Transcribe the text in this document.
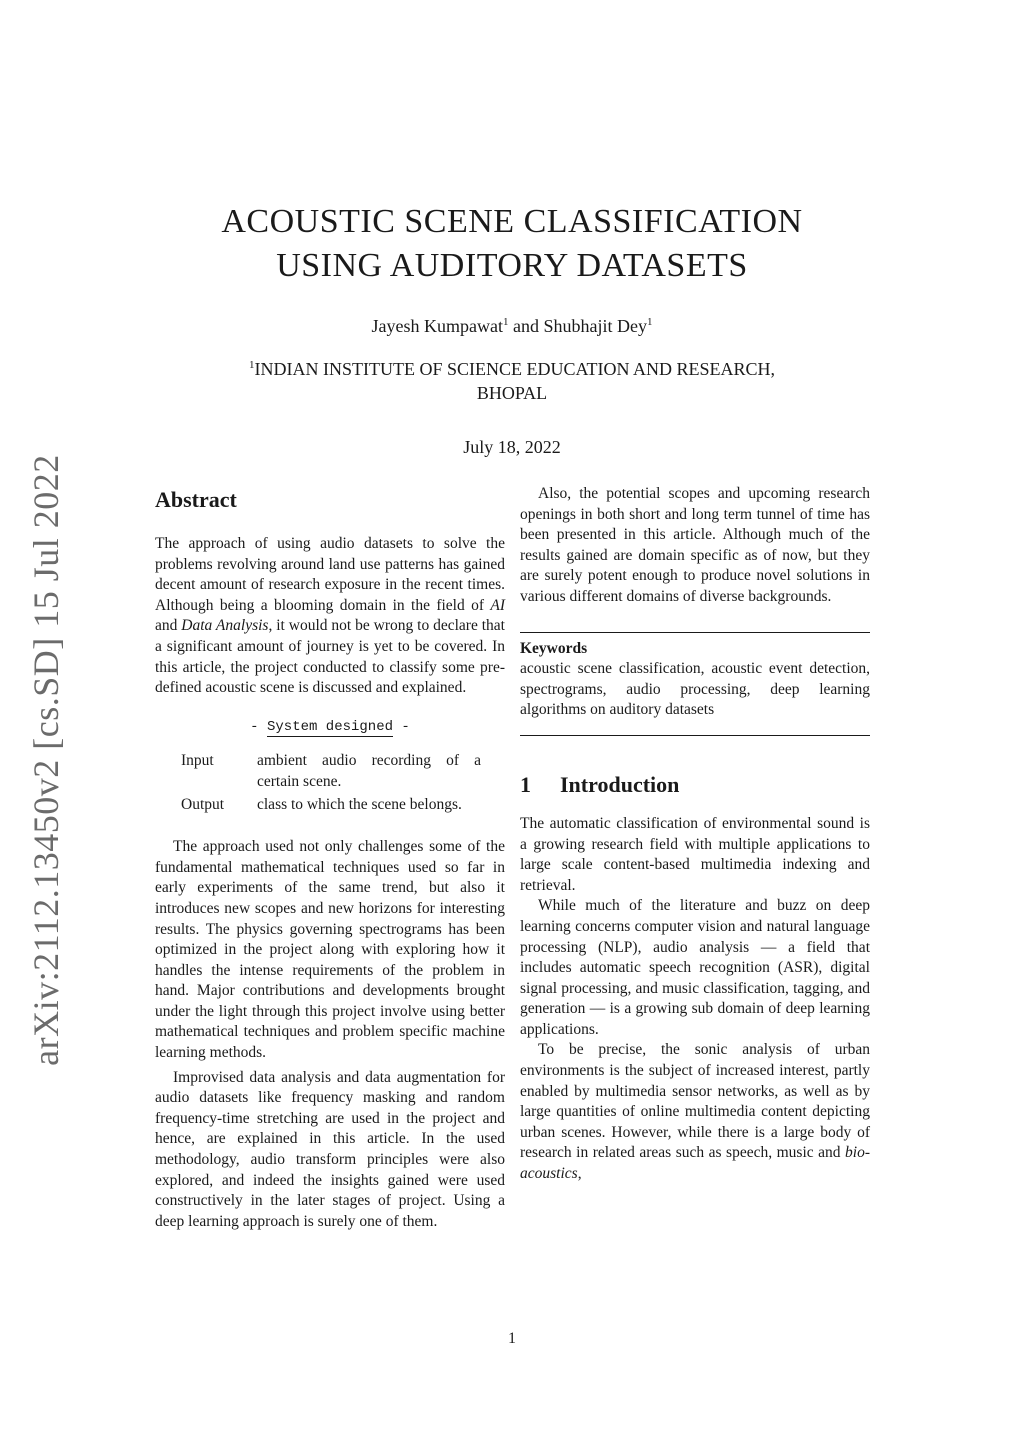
arXiv:2112.13450v2 [cs.SD] 15 Jul 2022
ACOUSTIC SCENE CLASSIFICATION
USING AUDITORY DATASETS
Jayesh Kumpawat$^1$ and Shubhajit Dey$^1$
$^1$INDIAN INSTITUTE OF SCIENCE EDUCATION AND RESEARCH,
BHOPAL
July 18, 2022
Abstract

The approach of using audio datasets to solve the problems revolving around land use patterns has gained decent amount of research exposure in the recent times. Although being a blooming domain in the field of AI and Data Analysis, it would not be wrong to declare that a significant amount of journey is yet to be covered. In this article, the project conducted to classify some pre-defined acoustic scene is discussed and explained.

- System designed -
Input	ambient audio recording of a certain scene.
Output	class to which the scene belongs.

The approach used not only challenges some of the fundamental mathematical techniques used so far in early experiments of the same trend, but also it introduces new scopes and new horizons for interesting results. The physics governing spectrograms has been optimized in the project along with exploring how it handles the intense requirements of the problem in hand. Major contributions and developments brought under the light through this project involve using better mathematical techniques and problem specific machine learning methods.

Improvised data analysis and data augmentation for audio datasets like frequency masking and random frequency-time stretching are used in the project and hence, are explained in this article. In the used methodology, audio transform principles were also explored, and indeed the insights gained were used constructively in the later stages of project. Using a deep learning approach is surely one of them.

Also, the potential scopes and upcoming research openings in both short and long term tunnel of time has been presented in this article. Although much of the results gained are domain specific as of now, but they are surely potent enough to produce novel solutions in various different domains of diverse backgrounds.

Keywords

acoustic scene classification, acoustic event detection, spectrograms, audio processing, deep learning algorithms on auditory datasets

1 Introduction

The automatic classification of environmental sound is a growing research field with multiple applications to large scale content-based multimedia indexing and retrieval.

While much of the literature and buzz on deep learning concerns computer vision and natural language processing (NLP), audio analysis — a field that includes automatic speech recognition (ASR), digital signal processing, and music classification, tagging, and generation — is a growing sub domain of deep learning applications.

To be precise, the sonic analysis of urban environments is the subject of increased interest, partly enabled by multimedia sensor networks, as well as by large quantities of online multimedia content depicting urban scenes. However, while there is a large body of research in related areas such as speech, music and bio-acoustics,

1
